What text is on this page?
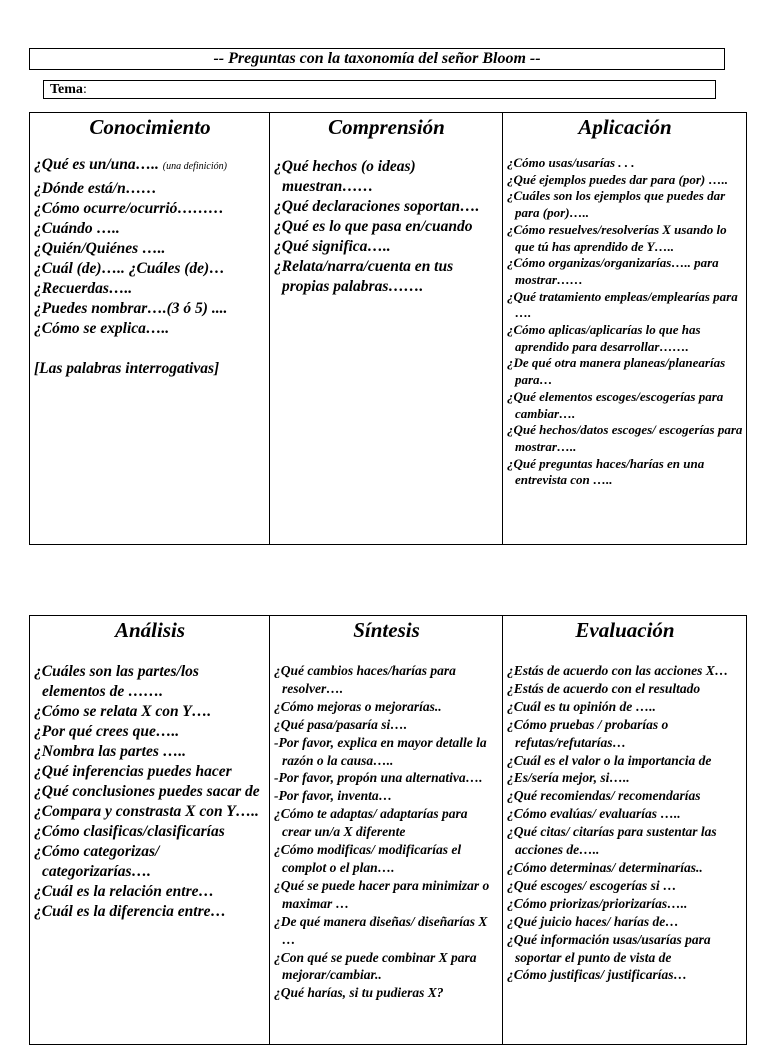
-- Preguntas con la taxonomía del señor Bloom --
Tema:
Conocimiento
¿Qué es un/una….. (una definición)
¿Dónde está/n……
¿Cómo ocurre/ocurrió………
¿Cuándo …..
¿Quién/Quiénes …..
¿Cuál (de)….. ¿Cuáles (de)…
¿Recuerdas…..
¿Puedes nombrar….(3 ó 5) ....
¿Cómo se explica…..
[Las palabras interrogativas]

Comprensión
¿Qué hechos (o ideas) muestran……
¿Qué declaraciones soportan….
¿Qué es lo que pasa en/cuando
¿Qué significa…..
¿Relata/narra/cuenta en tus propias palabras…….

Aplicación
¿Cómo usas/usarías . . .
¿Qué ejemplos puedes dar para (por) …..
¿Cuáles son los ejemplos que puedes dar para (por)…..
¿Cómo resuelves/resolverías X usando lo que tú has aprendido de Y…..
¿Cómo organizas/organizarías….. para mostrar……
¿Qué tratamiento empleas/emplearías para ….
¿Cómo aplicas/aplicarías lo que has aprendido para desarrollar…….
¿De qué otra manera planeas/planearías para…
¿Qué elementos escoges/escogerías para cambiar….
¿Qué hechos/datos escoges/ escogerías para mostrar…..
¿Qué preguntas haces/harías en una entrevista con …..
Análisis
¿Cuáles son las partes/los elementos de …….
¿Cómo se relata X con Y….
¿Por qué crees que…..
¿Nombra las partes …..
¿Qué inferencias puedes hacer
¿Qué conclusiones puedes sacar de
¿Compara y constrasta X con Y…..
¿Cómo clasificas/clasificarías
¿Cómo categorizas/ categorizarías….
¿Cuál es la relación entre…
¿Cuál es la diferencia entre…

Síntesis
¿Qué cambios haces/harías para resolver….
¿Cómo mejoras o mejorarías..
¿Qué pasa/pasaría si….
-Por favor, explica en mayor detalle la razón o la causa…..
-Por favor, propón una alternativa….
-Por favor, inventa…
¿Cómo te adaptas/ adaptarías para crear un/a X diferente
¿Cómo modificas/ modificarías el complot o el plan….
¿Qué se puede hacer para minimizar o maximar …
¿De qué manera diseñas/ diseñarías X …
¿Con qué se puede combinar X para mejorar/cambiar..
¿Qué harías, si tu pudieras X?

Evaluación
¿Estás de acuerdo con las acciones X…
¿Estás de acuerdo con el resultado
¿Cuál es tu opinión de …..
¿Cómo pruebas / probarías o refutas/refutarías…
¿Cuál es el valor o la importancia de
¿Es/sería mejor, si…..
¿Qué recomiendas/ recomendarías
¿Cómo evalúas/ evaluarías …..
¿Qué citas/ citarías para sustentar las acciones de…..
¿Cómo determinas/ determinarías..
¿Qué escoges/ escogerías si …
¿Cómo priorizas/priorizarías…..
¿Qué juicio haces/ harías de…
¿Qué información usas/usarías para soportar el punto de vista de
¿Cómo justificas/ justificarías…
